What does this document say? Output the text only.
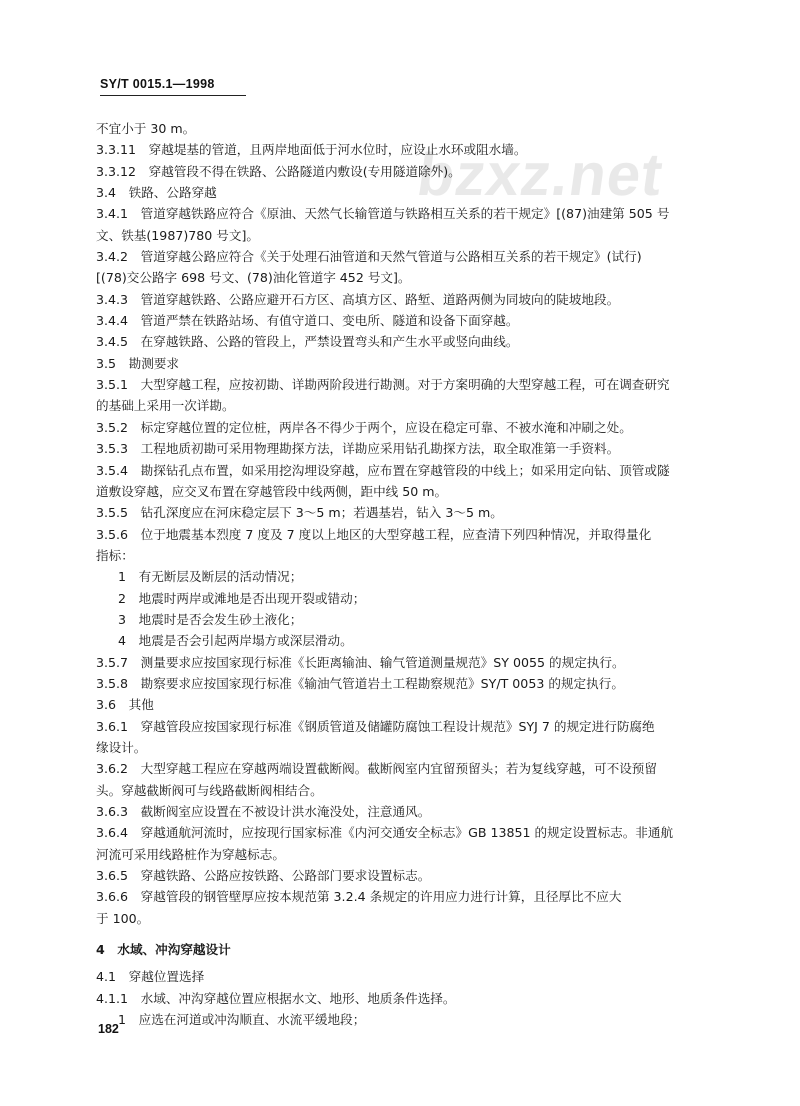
SY/T 0015.1—1998
bzxz.net
不宜小于 30 m。
3.3.11　穿越堤基的管道，且两岸地面低于河水位时，应设止水环或阻水墙。
3.3.12　穿越管段不得在铁路、公路隧道内敷设(专用隧道除外)。
3.4　铁路、公路穿越
3.4.1　管道穿越铁路应符合《原油、天然气长输管道与铁路相互关系的若干规定》[(87)油建第 505 号
文、铁基(1987)780 号文]。
3.4.2　管道穿越公路应符合《关于处理石油管道和天然气管道与公路相互关系的若干规定》(试行)
[(78)交公路字 698 号文、(78)油化管道字 452 号文]。
3.4.3　管道穿越铁路、公路应避开石方区、高填方区、路堑、道路两侧为同坡向的陡坡地段。
3.4.4　管道严禁在铁路站场、有值守道口、变电所、隧道和设备下面穿越。
3.4.5　在穿越铁路、公路的管段上，严禁设置弯头和产生水平或竖向曲线。
3.5　勘测要求
3.5.1　大型穿越工程，应按初勘、详勘两阶段进行勘测。对于方案明确的大型穿越工程，可在调查研究
的基础上采用一次详勘。
3.5.2　标定穿越位置的定位桩，两岸各不得少于两个，应设在稳定可靠、不被水淹和冲刷之处。
3.5.3　工程地质初勘可采用物理勘探方法，详勘应采用钻孔勘探方法，取全取准第一手资料。
3.5.4　勘探钻孔点布置，如采用挖沟埋设穿越，应布置在穿越管段的中线上；如采用定向钻、顶管或隧
道敷设穿越，应交叉布置在穿越管段中线两侧，距中线 50 m。
3.5.5　钻孔深度应在河床稳定层下 3～5 m；若遇基岩，钻入 3～5 m。
3.5.6　位于地震基本烈度 7 度及 7 度以上地区的大型穿越工程，应查清下列四种情况，并取得量化
指标：
1　有无断层及断层的活动情况；
2　地震时两岸或滩地是否出现开裂或错动；
3　地震时是否会发生砂土液化；
4　地震是否会引起两岸塌方或深层滑动。
3.5.7　测量要求应按国家现行标准《长距离输油、输气管道测量规范》SY 0055 的规定执行。
3.5.8　勘察要求应按国家现行标准《输油气管道岩土工程勘察规范》SY/T 0053 的规定执行。
3.6　其他
3.6.1　穿越管段应按国家现行标准《钢质管道及储罐防腐蚀工程设计规范》SYJ 7 的规定进行防腐绝
缘设计。
3.6.2　大型穿越工程应在穿越两端设置截断阀。截断阀室内宜留预留头；若为复线穿越，可不设预留
头。穿越截断阀可与线路截断阀相结合。
3.6.3　截断阀室应设置在不被设计洪水淹没处，注意通风。
3.6.4　穿越通航河流时，应按现行国家标准《内河交通安全标志》GB 13851 的规定设置标志。非通航
河流可采用线路桩作为穿越标志。
3.6.5　穿越铁路、公路应按铁路、公路部门要求设置标志。
3.6.6　穿越管段的钢管壁厚应按本规范第 3.2.4 条规定的许用应力进行计算，且径厚比不应大
于 100。
4　水域、冲沟穿越设计
4.1　穿越位置选择
4.1.1　水域、冲沟穿越位置应根据水文、地形、地质条件选择。
1　应选在河道或冲沟顺直、水流平缓地段；
182
